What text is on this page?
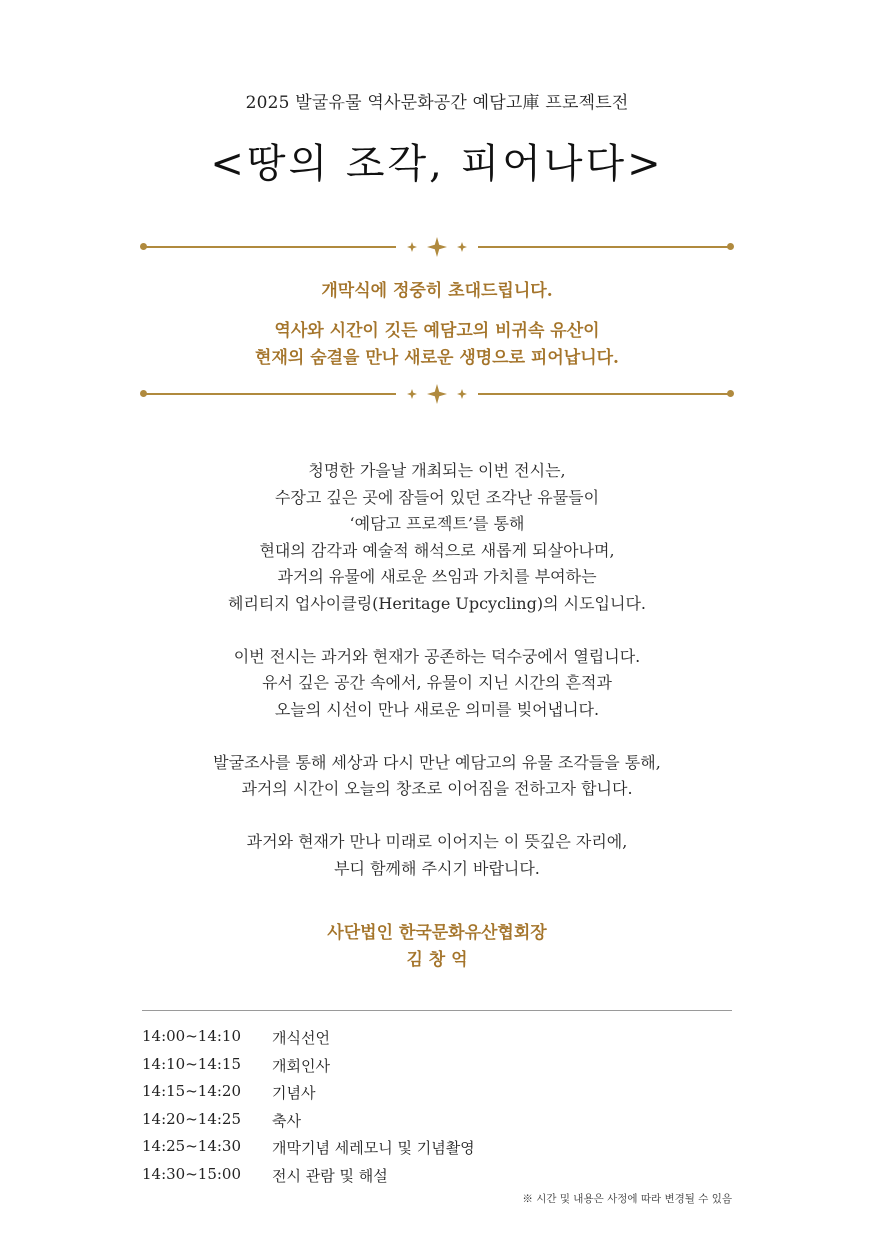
2025 발굴유물 역사문화공간 예담고庫 프로젝트전
<땅의 조각, 피어나다>
개막식에 정중히 초대드립니다.
역사와 시간이 깃든 예담고의 비귀속 유산이
현재의 숨결을 만나 새로운 생명으로 피어납니다.

청명한 가을날 개최되는 이번 전시는,
수장고 깊은 곳에 잠들어 있던 조각난 유물들이
‘예담고 프로젝트’를 통해
현대의 감각과 예술적 해석으로 새롭게 되살아나며,
과거의 유물에 새로운 쓰임과 가치를 부여하는
헤리티지 업사이클링(Heritage Upcycling)의 시도입니다.

이번 전시는 과거와 현재가 공존하는 덕수궁에서 열립니다.
유서 깊은 공간 속에서, 유물이 지닌 시간의 흔적과
오늘의 시선이 만나 새로운 의미를 빚어냅니다.

발굴조사를 통해 세상과 다시 만난 예담고의 유물 조각들을 통해,
과거의 시간이 오늘의 창조로 이어짐을 전하고자 합니다.

과거와 현재가 만나 미래로 이어지는 이 뜻깊은 자리에,
부디 함께해 주시기 바랍니다.

사단법인 한국문화유산협회장
김 창 억
14:00~14:10	개식선언
14:10~14:15	개회인사
14:15~14:20	기념사
14:20~14:25	축사
14:25~14:30	개막기념 세레모니 및 기념촬영
14:30~15:00	전시 관람 및 해설
※ 시간 및 내용은 사정에 따라 변경될 수 있음
